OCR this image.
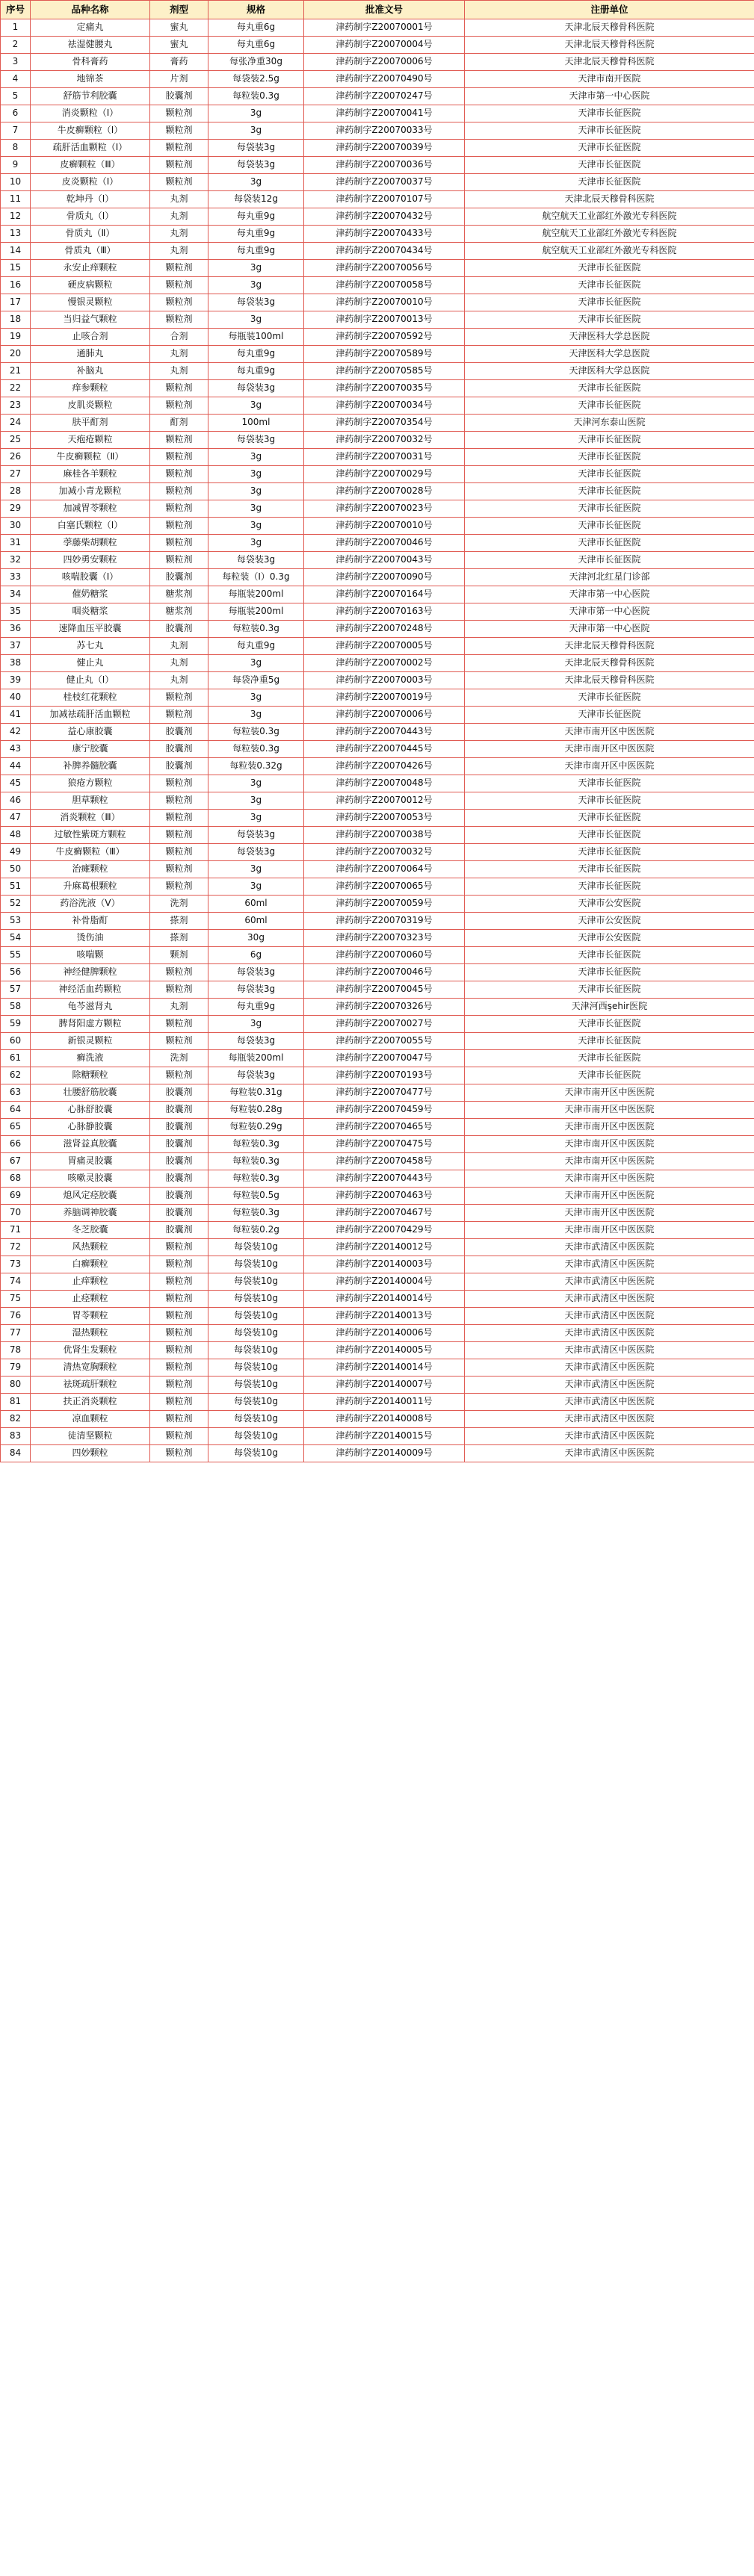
序号	品种名称	剂型	规格	批准文号	注册单位
1	定痛丸	蜜丸	每丸重6g	津药制字Z20070001号	天津北辰天穆骨科医院
2	祛湿健腰丸	蜜丸	每丸重6g	津药制字Z20070004号	天津北辰天穆骨科医院
3	骨科膏药	膏药	每张净重30g	津药制字Z20070006号	天津北辰天穆骨科医院
4	地锦茶	片剂	每袋装2.5g	津药制字Z20070490号	天津市南开医院
5	舒筋节利胶囊	胶囊剂	每粒装0.3g	津药制字Z20070247号	天津市第一中心医院
6	消炎颗粒（Ⅰ）	颗粒剂	3g	津药制字Z20070041号	天津市长征医院
7	牛皮癣颗粒（Ⅰ）	颗粒剂	3g	津药制字Z20070033号	天津市长征医院
8	疏肝活血颗粒（Ⅰ）	颗粒剂	每袋装3g	津药制字Z20070039号	天津市长征医院
9	皮癣颗粒（Ⅲ）	颗粒剂	每袋装3g	津药制字Z20070036号	天津市长征医院
10	皮炎颗粒（Ⅰ）	颗粒剂	3g	津药制字Z20070037号	天津市长征医院
11	乾坤丹（Ⅰ）	丸剂	每袋装12g	津药制字Z20070107号	天津北辰天穆骨科医院
12	骨质丸（Ⅰ）	丸剂	每丸重9g	津药制字Z20070432号	航空航天工业部红外激光专科医院
13	骨质丸（Ⅱ）	丸剂	每丸重9g	津药制字Z20070433号	航空航天工业部红外激光专科医院
14	骨质丸（Ⅲ）	丸剂	每丸重9g	津药制字Z20070434号	航空航天工业部红外激光专科医院
15	永安止痒颗粒	颗粒剂	3g	津药制字Z20070056号	天津市长征医院
16	硬皮病颗粒	颗粒剂	3g	津药制字Z20070058号	天津市长征医院
17	慢银灵颗粒	颗粒剂	每袋装3g	津药制字Z20070010号	天津市长征医院
18	当归益气颗粒	颗粒剂	3g	津药制字Z20070013号	天津市长征医院
19	止咳合剂	合剂	每瓶装100ml	津药制字Z20070592号	天津医科大学总医院
20	通肺丸	丸剂	每丸重9g	津药制字Z20070589号	天津医科大学总医院
21	补脑丸	丸剂	每丸重9g	津药制字Z20070585号	天津医科大学总医院
22	痒参颗粒	颗粒剂	每袋装3g	津药制字Z20070035号	天津市长征医院
23	皮肌炎颗粒	颗粒剂	3g	津药制字Z20070034号	天津市长征医院
24	肤平酊剂	酊剂	100ml	津药制字Z20070354号	天津河东泰山医院
25	天疱疮颗粒	颗粒剂	每袋装3g	津药制字Z20070032号	天津市长征医院
26	牛皮癣颗粒（Ⅱ）	颗粒剂	3g	津药制字Z20070031号	天津市长征医院
27	麻桂各羊颗粒	颗粒剂	3g	津药制字Z20070029号	天津市长征医院
28	加减小青龙颗粒	颗粒剂	3g	津药制字Z20070028号	天津市长征医院
29	加减胃苓颗粒	颗粒剂	3g	津药制字Z20070023号	天津市长征医院
30	白塞氏颗粒（Ⅰ）	颗粒剂	3g	津药制字Z20070010号	天津市长征医院
31	荸藤柴胡颗粒	颗粒剂	3g	津药制字Z20070046号	天津市长征医院
32	四妙勇安颗粒	颗粒剂	每袋装3g	津药制字Z20070043号	天津市长征医院
33	咳喘胶囊（Ⅰ）	胶囊剂	每粒装（Ⅰ）0.3g	津药制字Z20070090号	天津河北红星门诊部
34	催奶糖浆	糖浆剂	每瓶装200ml	津药制字Z20070164号	天津市第一中心医院
35	咽炎糖浆	糖浆剂	每瓶装200ml	津药制字Z20070163号	天津市第一中心医院
36	速降血压平胶囊	胶囊剂	每粒装0.3g	津药制字Z20070248号	天津市第一中心医院
37	苏七丸	丸剂	每丸重9g	津药制字Z20070005号	天津北辰天穆骨科医院
38	健止丸	丸剂	3g	津药制字Z20070002号	天津北辰天穆骨科医院
39	健止丸（Ⅰ）	丸剂	每袋净重5g	津药制字Z20070003号	天津北辰天穆骨科医院
40	桂枝红花颗粒	颗粒剂	3g	津药制字Z20070019号	天津市长征医院
41	加减祛疏肝活血颗粒	颗粒剂	3g	津药制字Z20070006号	天津市长征医院
42	益心康胶囊	胶囊剂	每粒装0.3g	津药制字Z20070443号	天津市南开区中医医院
43	康宁胶囊	胶囊剂	每粒装0.3g	津药制字Z20070445号	天津市南开区中医医院
44	补脾养髓胶囊	胶囊剂	每粒装0.32g	津药制字Z20070426号	天津市南开区中医医院
45	狼疮方颗粒	颗粒剂	3g	津药制字Z20070048号	天津市长征医院
46	胆草颗粒	颗粒剂	3g	津药制字Z20070012号	天津市长征医院
47	消炎颗粒（Ⅲ）	颗粒剂	3g	津药制字Z20070053号	天津市长征医院
48	过敏性紫斑方颗粒	颗粒剂	每袋装3g	津药制字Z20070038号	天津市长征医院
49	牛皮癣颗粒（Ⅲ）	颗粒剂	每袋装3g	津药制字Z20070032号	天津市长征医院
50	治瘫颗粒	颗粒剂	3g	津药制字Z20070064号	天津市长征医院
51	升麻葛根颗粒	颗粒剂	3g	津药制字Z20070065号	天津市长征医院
52	药浴洗液（Ⅴ）	洗剂	60ml	津药制字Z20070059号	天津市公安医院
53	补骨脂酊	搽剂	60ml	津药制字Z20070319号	天津市公安医院
54	烫伤油	搽剂	30g	津药制字Z20070323号	天津市公安医院
55	咳喘颗	颗剂	6g	津药制字Z20070060号	天津市长征医院
56	神经健脾颗粒	颗粒剂	每袋装3g	津药制字Z20070046号	天津市长征医院
57	神经活血药颗粒	颗粒剂	每袋装3g	津药制字Z20070045号	天津市长征医院
58	龟芩滋肾丸	丸剂	每丸重9g	津药制字Z20070326号	天津河西şehir医院
59	脾肾阳虚方颗粒	颗粒剂	3g	津药制字Z20070027号	天津市长征医院
60	新银灵颗粒	颗粒剂	每袋装3g	津药制字Z20070055号	天津市长征医院
61	癣洗液	洗剂	每瓶装200ml	津药制字Z20070047号	天津市长征医院
62	除糖颗粒	颗粒剂	每袋装3g	津药制字Z20070193号	天津市长征医院
63	壮腰舒筋胶囊	胶囊剂	每粒装0.31g	津药制字Z20070477号	天津市南开区中医医院
64	心脉舒胶囊	胶囊剂	每粒装0.28g	津药制字Z20070459号	天津市南开区中医医院
65	心脉静胶囊	胶囊剂	每粒装0.29g	津药制字Z20070465号	天津市南开区中医医院
66	滋肾益真胶囊	胶囊剂	每粒装0.3g	津药制字Z20070475号	天津市南开区中医医院
67	胃痛灵胶囊	胶囊剂	每粒装0.3g	津药制字Z20070458号	天津市南开区中医医院
68	咳嗽灵胶囊	胶囊剂	每粒装0.3g	津药制字Z20070443号	天津市南开区中医医院
69	熄风定痉胶囊	胶囊剂	每粒装0.5g	津药制字Z20070463号	天津市南开区中医医院
70	养脑调神胶囊	胶囊剂	每粒装0.3g	津药制字Z20070467号	天津市南开区中医医院
71	冬芝胶囊	胶囊剂	每粒装0.2g	津药制字Z20070429号	天津市南开区中医医院
72	风热颗粒	颗粒剂	每袋装10g	津药制字Z20140012号	天津市武清区中医医院
73	白癣颗粒	颗粒剂	每袋装10g	津药制字Z20140003号	天津市武清区中医医院
74	止痒颗粒	颗粒剂	每袋装10g	津药制字Z20140004号	天津市武清区中医医院
75	止痉颗粒	颗粒剂	每袋装10g	津药制字Z20140014号	天津市武清区中医医院
76	胃苓颗粒	颗粒剂	每袋装10g	津药制字Z20140013号	天津市武清区中医医院
77	湿热颗粒	颗粒剂	每袋装10g	津药制字Z20140006号	天津市武清区中医医院
78	优肾生发颗粒	颗粒剂	每袋装10g	津药制字Z20140005号	天津市武清区中医医院
79	清热宽胸颗粒	颗粒剂	每袋装10g	津药制字Z20140014号	天津市武清区中医医院
80	祛斑疏肝颗粒	颗粒剂	每袋装10g	津药制字Z20140007号	天津市武清区中医医院
81	扶正消炎颗粒	颗粒剂	每袋装10g	津药制字Z20140011号	天津市武清区中医医院
82	凉血颗粒	颗粒剂	每袋装10g	津药制字Z20140008号	天津市武清区中医医院
83	徒清坚颗粒	颗粒剂	每袋装10g	津药制字Z20140015号	天津市武清区中医医院
84	四妙颗粒	颗粒剂	每袋装10g	津药制字Z20140009号	天津市武清区中医医院
